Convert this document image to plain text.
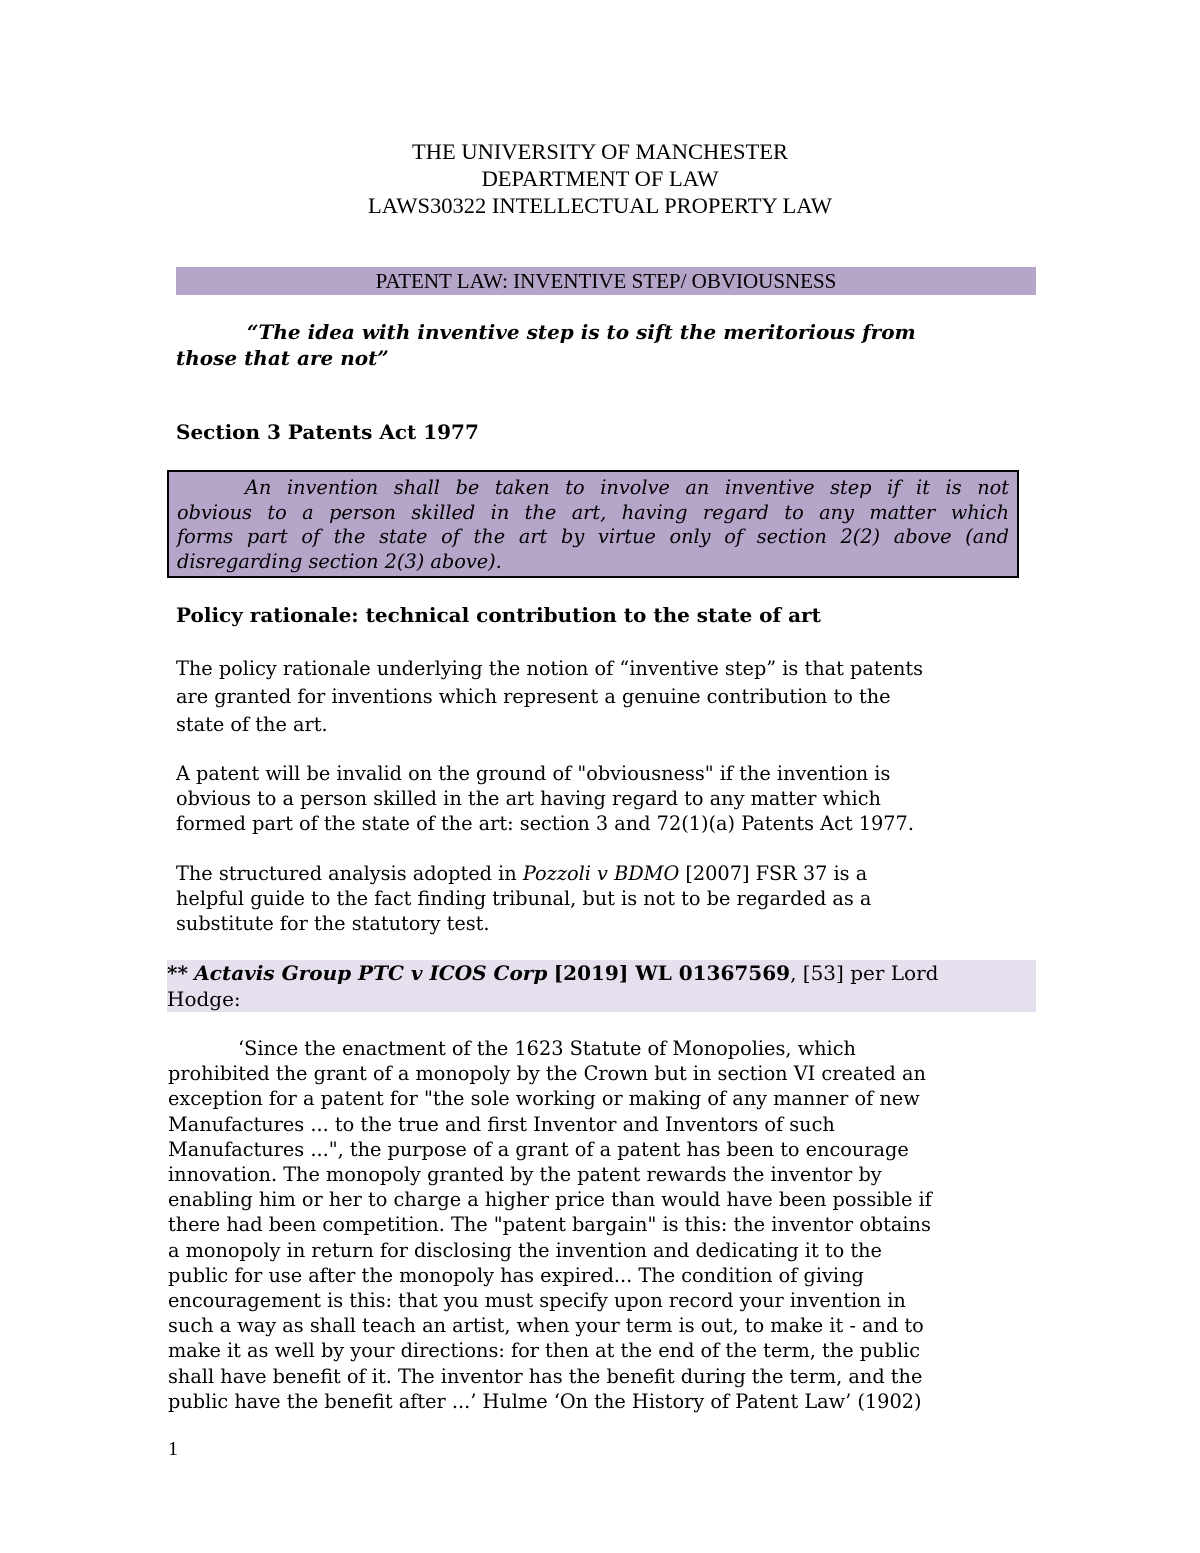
THE UNIVERSITY OF MANCHESTER
DEPARTMENT OF LAW
LAWS30322 INTELLECTUAL PROPERTY LAW
PATENT LAW: INVENTIVE STEP/ OBVIOUSNESS
“The idea with inventive step is to sift the meritorious from
those that are not”
Section 3 Patents Act 1977
An invention shall be taken to involve an inventive step if it is not
obvious to a person skilled in the art, having regard to any matter which
forms part of the state of the art by virtue only of section 2(2) above (and
disregarding section 2(3) above).
Policy rationale: technical contribution to the state of art
The policy rationale underlying the notion of “inventive step” is that patents
are granted for inventions which represent a genuine contribution to the
state of the art.
A patent will be invalid on the ground of "obviousness" if the invention is
obvious to a person skilled in the art having regard to any matter which
formed part of the state of the art: section 3 and 72(1)(a) Patents Act 1977.
The structured analysis adopted in Pozzoli v BDMO [2007] FSR 37 is a
helpful guide to the fact finding tribunal, but is not to be regarded as a
substitute for the statutory test.
** Actavis Group PTC v ICOS Corp [2019] WL 01367569, [53] per Lord
Hodge:
‘Since the enactment of the 1623 Statute of Monopolies, which
prohibited the grant of a monopoly by the Crown but in section VI created an
exception for a patent for "the sole working or making of any manner of new
Manufactures ... to the true and first Inventor and Inventors of such
Manufactures ...", the purpose of a grant of a patent has been to encourage
innovation. The monopoly granted by the patent rewards the inventor by
enabling him or her to charge a higher price than would have been possible if
there had been competition. The "patent bargain" is this: the inventor obtains
a monopoly in return for disclosing the invention and dedicating it to the
public for use after the monopoly has expired... The condition of giving
encouragement is this: that you must specify upon record your invention in
such a way as shall teach an artist, when your term is out, to make it - and to
make it as well by your directions: for then at the end of the term, the public
shall have benefit of it. The inventor has the benefit during the term, and the
public have the benefit after ...’ Hulme ‘On the History of Patent Law’ (1902)
1
